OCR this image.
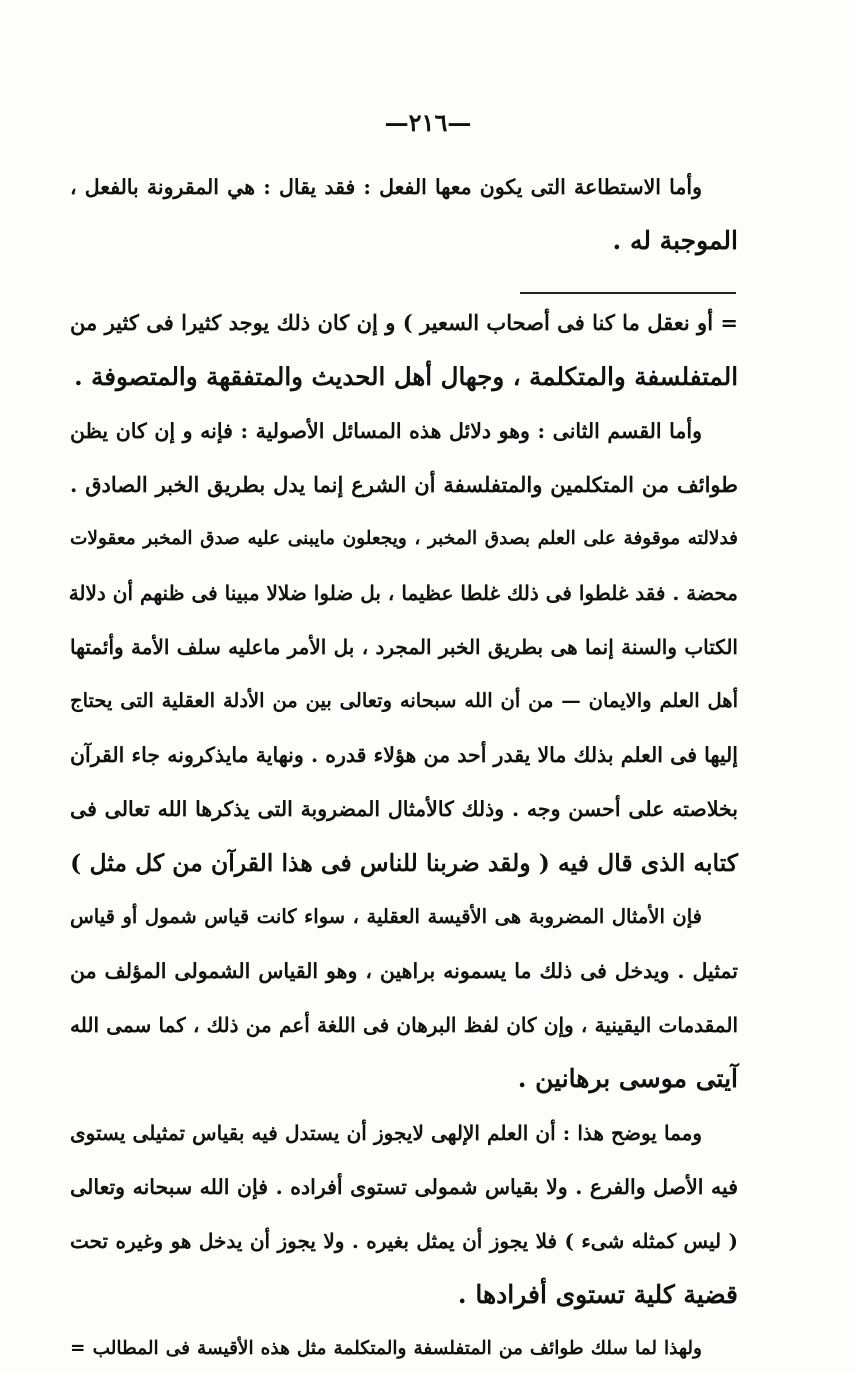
—٢١٦—
وأما الاستطاعة التى يكون معها الفعل : فقد يقال : هي المقرونة بالفعل ،
الموجبة له .
= أو نعقل ما كنا فى أصحاب السعير ) و إن كان ذلك يوجد كثيرا فى كثير من
المتفلسفة والمتكلمة ، وجهال أهل الحديث والمتفقهة والمتصوفة .
وأما القسم الثانى : وهو دلائل هذه المسائل الأصولية : فإنه و إن كان يظن
طوائف من المتكلمين والمتفلسفة أن الشرع إنما يدل بطريق الخبر الصادق .
فدلالته موقوفة على العلم بصدق المخبر ، ويجعلون مايبنى عليه صدق المخبر معقولات
محضة . فقد غلطوا فى ذلك غلطا عظيما ، بل ضلوا ضلالا مبينا فى ظنهم أن دلالة
الكتاب والسنة إنما هى بطريق الخبر المجرد ، بل الأمر ماعليه سلف الأمة وأئمتها
أهل العلم والايمان — من أن الله سبحانه وتعالى بين من الأدلة العقلية التى يحتاج
إليها فى العلم بذلك مالا يقدر أحد من هؤلاء قدره . ونهاية مايذكرونه جاء القرآن
بخلاصته على أحسن وجه . وذلك كالأمثال المضروبة التى يذكرها الله تعالى فى
كتابه الذى قال فيه ( ولقد ضربنا للناس فى هذا القرآن من كل مثل )
فإن الأمثال المضروبة هى الأقيسة العقلية ، سواء كانت قياس شمول أو قياس
تمثيل . ويدخل فى ذلك ما يسمونه براهين ، وهو القياس الشمولى المؤلف من
المقدمات اليقينية ، وإن كان لفظ البرهان فى اللغة أعم من ذلك ، كما سمى الله
آيتى موسى برهانين .
ومما يوضح هذا : أن العلم الإلهى لايجوز أن يستدل فيه بقياس تمثيلى يستوى
فيه الأصل والفرع . ولا بقياس شمولى تستوى أفراده . فإن الله سبحانه وتعالى
( ليس كمثله شىء ) فلا يجوز أن يمثل بغيره . ولا يجوز أن يدخل هو وغيره تحت
قضية كلية تستوى أفرادها .
ولهذا لما سلك طوائف من المتفلسفة والمتكلمة مثل هذه الأقيسة فى المطالب =
